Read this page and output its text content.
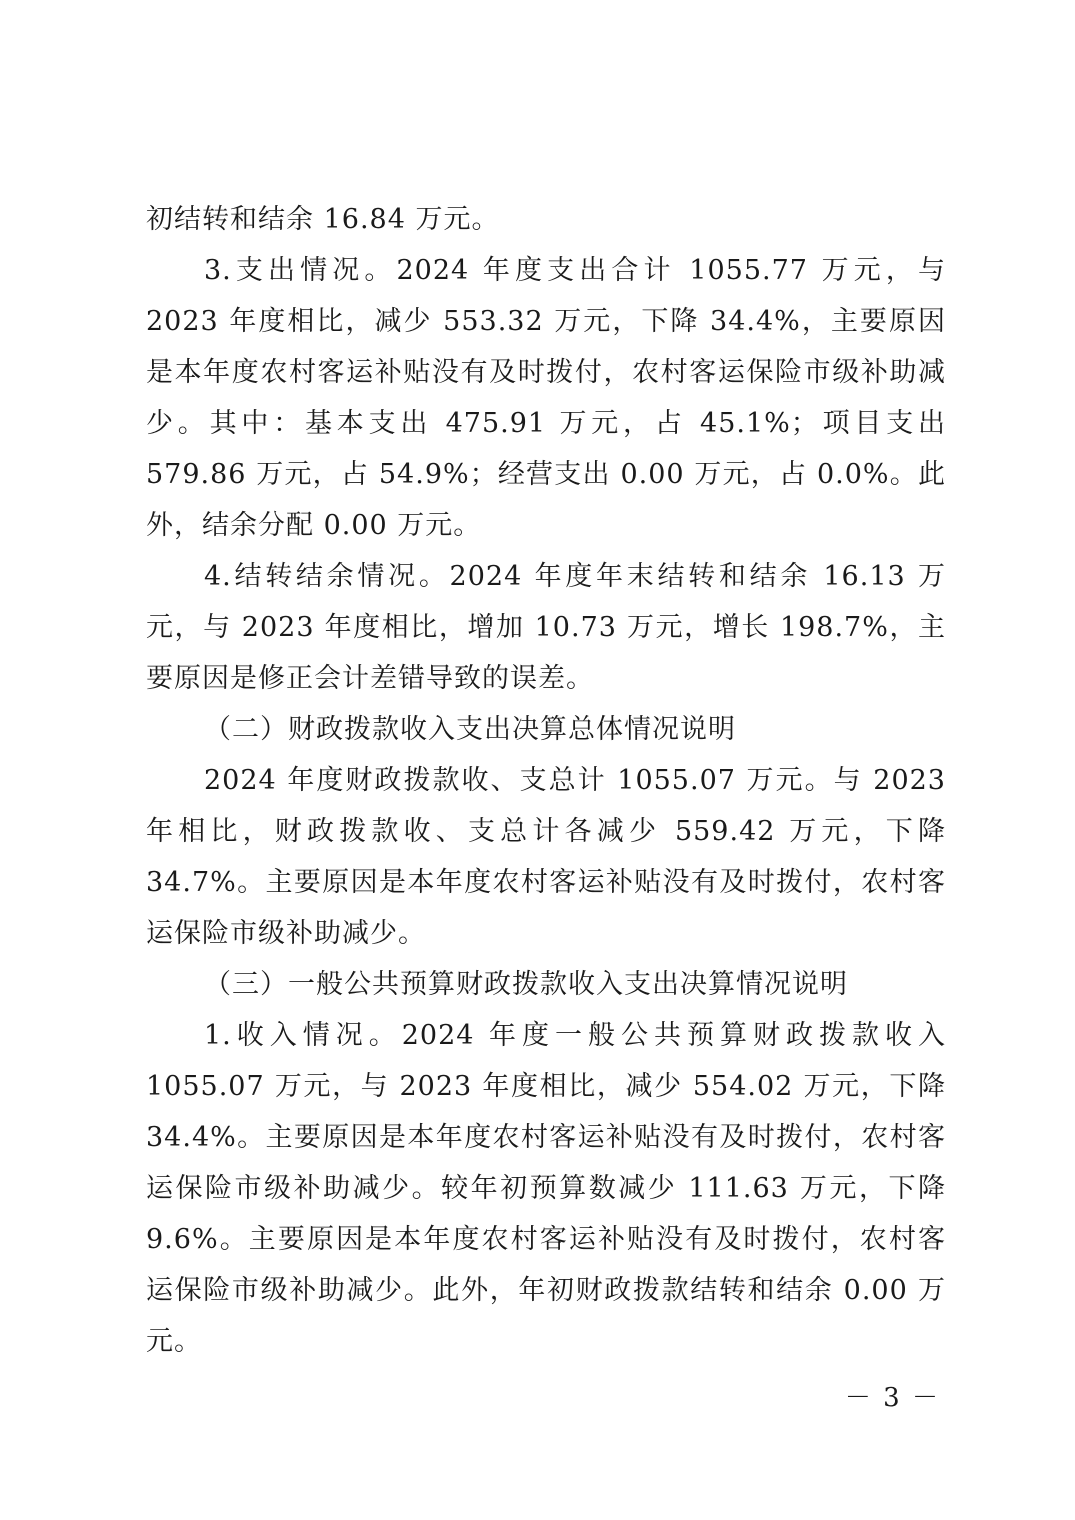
初结转和结余 16.84 万元。

3.支出情况。2024 年度支出合计 1055.77 万元，与 2023 年度相比，减少 553.32 万元，下降 34.4%，主要原因是本年度农村客运补贴没有及时拨付，农村客运保险市级补助减少。其中：基本支出 475.91 万元，占 45.1%；项目支出 579.86 万元，占 54.9%；经营支出 0.00 万元，占 0.0%。此外，结余分配 0.00 万元。

4.结转结余情况。2024 年度年末结转和结余 16.13 万元，与 2023 年度相比，增加 10.73 万元，增长 198.7%，主要原因是修正会计差错导致的误差。

（二）财政拨款收入支出决算总体情况说明

2024 年度财政拨款收、支总计 1055.07 万元。与 2023 年相比，财政拨款收、支总计各减少 559.42 万元，下降 34.7%。主要原因是本年度农村客运补贴没有及时拨付，农村客运保险市级补助减少。

（三）一般公共预算财政拨款收入支出决算情况说明

1.收入情况。2024 年度一般公共预算财政拨款收入 1055.07 万元，与 2023 年度相比，减少 554.02 万元，下降 34.4%。主要原因是本年度农村客运补贴没有及时拨付，农村客运保险市级补助减少。较年初预算数减少 111.63 万元，下降 9.6%。主要原因是本年度农村客运补贴没有及时拨付，农村客运保险市级补助减少。此外，年初财政拨款结转和结余 0.00 万元。

－ 3 －
